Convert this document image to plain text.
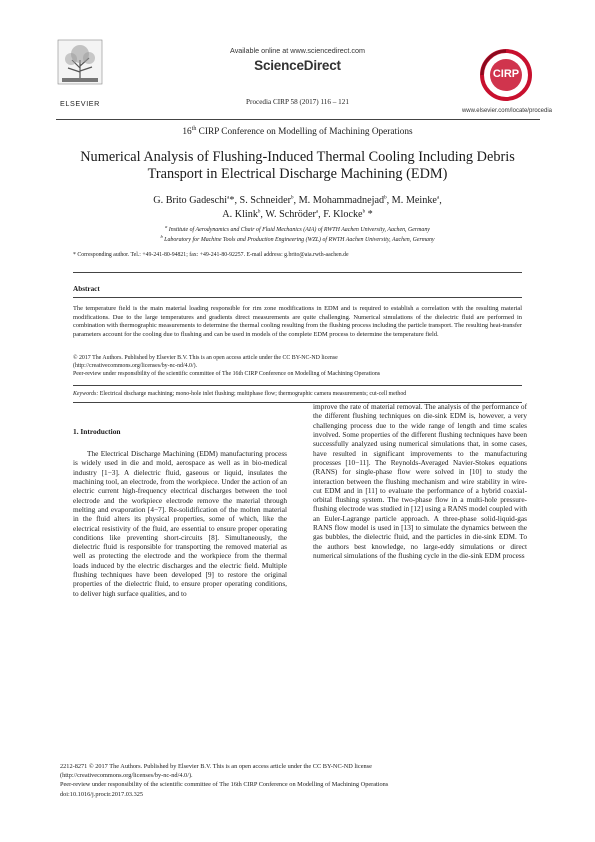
ELSEVIER
Available online at www.sciencedirect.com
ScienceDirect
Procedia CIRP 58 (2017) 116 – 121
CIRP
www.elsevier.com/locate/procedia
16th CIRP Conference on Modelling of Machining Operations
Numerical Analysis of Flushing-Induced Thermal Cooling Including Debris
Transport in Electrical Discharge Machining (EDM)
G. Brito Gadeschi$^a$*, S. Schneider$^b$, M. Mohammadnejad$^b$, M. Meinke$^a$,
A. Klink$^b$, W. Schröder$^a$, F. Klocke$^b$ *
$^a$ Institute of Aerodynamics and Chair of Fluid Mechanics (AIA) of RWTH Aachen University, Aachen, Germany
$^b$ Laboratory for Machine Tools and Production Engineering (WZL) of RWTH Aachen University, Aachen, Germany
* Corresponding author. Tel.: +49-241-80-94821; fax: +49-241-80-92257. E-mail address: g.brito@aia.rwth-aachen.de
Abstract

The temperature field is the main material loading responsible for rim zone modifications in EDM and is required to establish a correlation with the resulting material modifications. Due to the large temperatures and gradients direct measurements are quite challenging. Numerical simulations of the dielectric fluid are performed in combination with thermographic measurements to determine the thermal cooling resulting from the flushing process including the particle transport. The resulting heat-transfer parameters account for the cooling due to flushing and can be used in models of the complete EDM process to determine the temperature field.

© 2017 The Authors. Published by Elsevier B.V. This is an open access article under the CC BY-NC-ND license
(http://creativecommons.org/licenses/by-nc-nd/4.0/).
Peer-review under responsibility of the scientific committee of The 16th CIRP Conference on Modelling of Machining Operations
Keywords: Electrical discharge machining; mono-hole inlet flushing; multiphase flow; thermographic camera measurements; cut-cell method
1. Introduction

The Electrical Discharge Machining (EDM) manufacturing process is widely used in die and mold, aerospace as well as in bio-medical industry [1−3]. A dielectric fluid, gaseous or liquid, insulates the machining tool, an electrode, from the workpiece. Under the action of an electric current high-frequency electrical discharges between the tool electrode and the workpiece electrode remove the material through melting and evaporation [4−7]. Re-solidification of the molten material in the fluid alters its physical properties, some of which, like the electrical resistivity of the fluid, are essential to ensure proper operating conditions like preventing short-circuits [8]. Simultaneously, the dielectric fluid is responsible for transporting the removed material as well as protecting the electrode and the workpiece from the thermal loads induced by the electric discharges and the electric field. Multiple flushing techniques have been developed [9] to restore the original properties of the dielectric fluid, to ensure proper operating conditions, to deliver high surface qualities, and to

improve the rate of material removal. The analysis of the performance of the different flushing techniques on die-sink EDM is, however, a very challenging process due to the wide range of length and time scales involved. Some properties of the different flushing techniques have been successfully analyzed using numerical simulations that, in some cases, have resulted in significant improvements to the manufacturing processes [10−11]. The Reynolds-Averaged Navier-Stokes equations (RANS) for single-phase flow were solved in [10] to study the interaction between the flushing mechanism and wire stability in wire-cut EDM and in [11] to evaluate the performance of a hybrid coaxial-orbital flushing system. The two-phase flow in a multi-hole pressure-flushing electrode was studied in [12] using a RANS model coupled with an Euler-Lagrange particle approach. A three-phase solid-liquid-gas RANS flow model is used in [13] to simulate the dynamics between the gas bubbles, the dielectric fluid, and the particles in die-sink EDM. To the authors best knowledge, no large-eddy simulations or direct numerical simulations of the flushing cycle in the die-sink EDM process

2212-8271 © 2017 The Authors. Published by Elsevier B.V. This is an open access article under the CC BY-NC-ND license
(http://creativecommons.org/licenses/by-nc-nd/4.0/).
Peer-review under responsibility of the scientific committee of The 16th CIRP Conference on Modelling of Machining Operations
doi:10.1016/j.procir.2017.03.325
